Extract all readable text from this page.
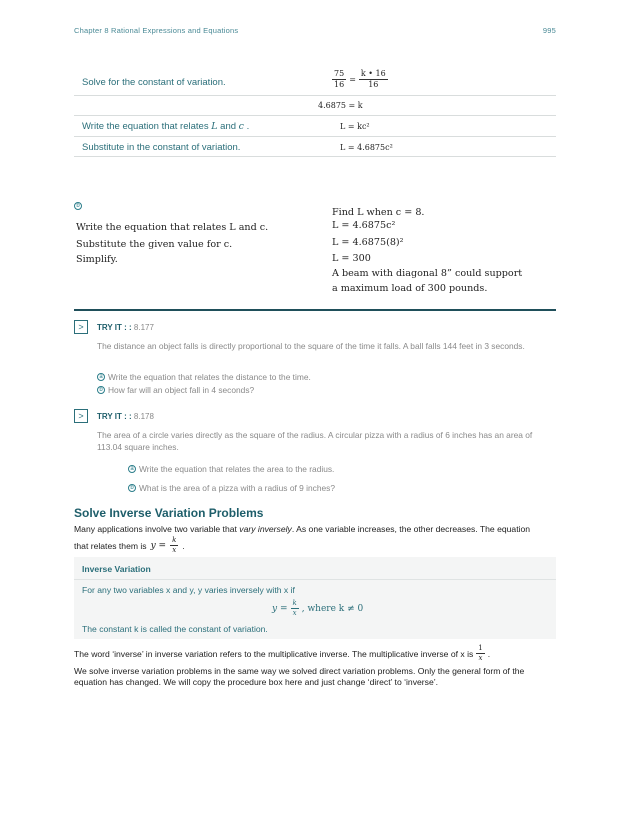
Chapter 8 Rational Expressions and Equations	995
Solve for the constant of variation.	$\frac{75}{16} = \frac{k • 16}{16}$
4.6875 = k
Write the equation that relates L and c .	L = kc²
Substitute in the constant of variation.	L = 4.6875c²
b
Find L when c = 8.
Write the equation that relates L and c.	L = 4.6875c²
Substitute the given value for c.	L = 4.6875(8)²
Simplify.	L = 300
A beam with diagonal 8” could support
a maximum load of 300 pounds.
> TRY IT : : 8.177
The distance an object falls is directly proportional to the square of the time it falls. A ball falls 144 feet in 3 seconds.
a Write the equation that relates the distance to the time.
b How far will an object fall in 4 seconds?
> TRY IT : : 8.178
The area of a circle varies directly as the square of the radius. A circular pizza with a radius of 6 inches has an area of 113.04 square inches.
a Write the equation that relates the area to the radius.
b What is the area of a pizza with a radius of 9 inches?
Solve Inverse Variation Problems
Many applications involve two variable that vary inversely. As one variable increases, the other decreases. The equation
that relates them is $y = \frac{k}{x}$ .
Inverse Variation
For any two variables x and y, y varies inversely with x if
$y = \frac{k}{x}$ , where k ≠ 0
The constant k is called the constant of variation.
The word ‘inverse’ in inverse variation refers to the multiplicative inverse. The multiplicative inverse of x is $\frac{1}{x}$ .
We solve inverse variation problems in the same way we solved direct variation problems. Only the general form of the equation has changed. We will copy the procedure box here and just change ‘direct’ to ‘inverse’.
